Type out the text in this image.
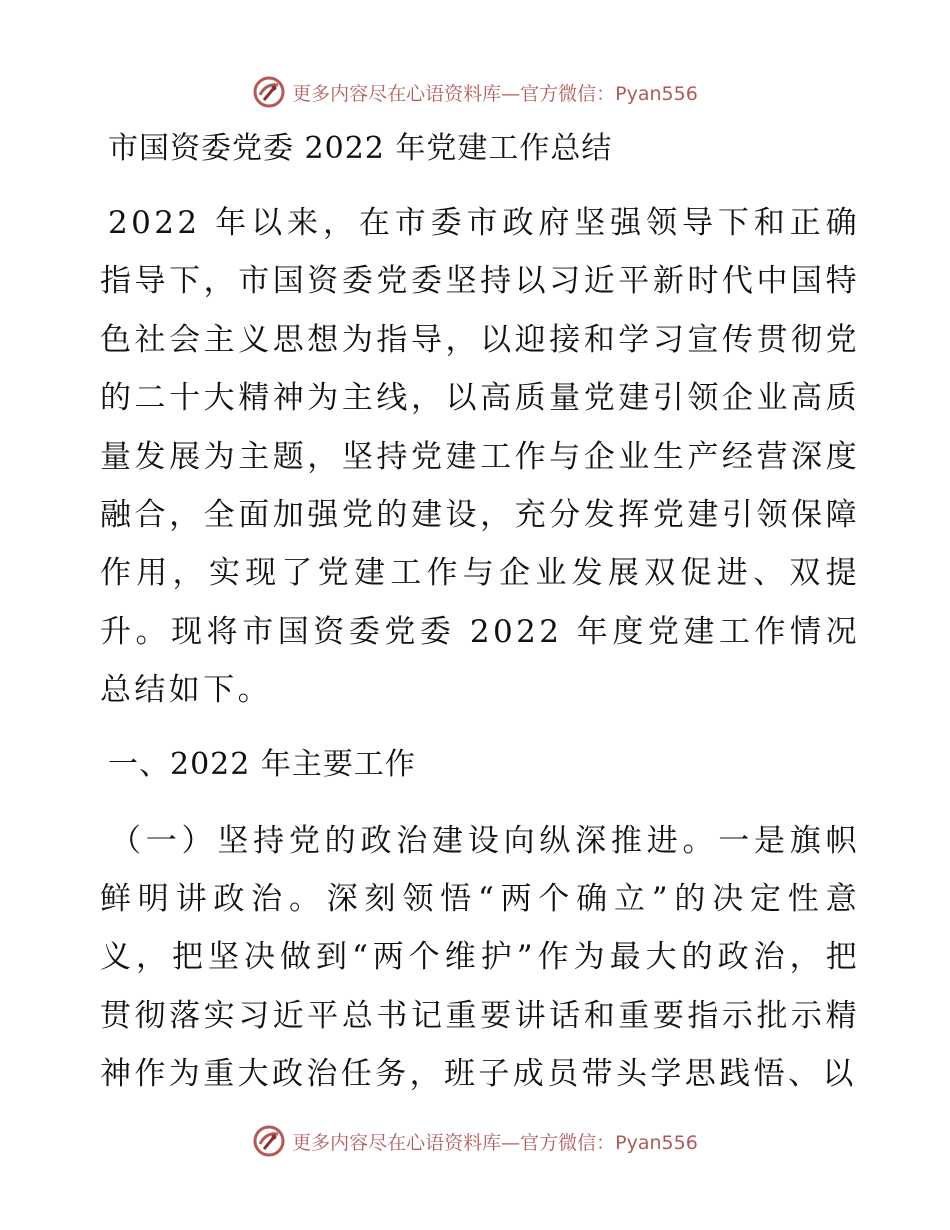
更多内容尽在心语资料库—官方微信：Pyan556

市国资委党委 2022 年党建工作总结

2022 年以来，在市委市政府坚强领导下和正确指导下，市国资委党委坚持以习近平新时代中国特色社会主义思想为指导，以迎接和学习宣传贯彻党的二十大精神为主线，以高质量党建引领企业高质量发展为主题，坚持党建工作与企业生产经营深度融合，全面加强党的建设，充分发挥党建引领保障作用，实现了党建工作与企业发展双促进、双提升。现将市国资委党委 2022 年度党建工作情况总结如下。

一、2022 年主要工作

（一）坚持党的政治建设向纵深推进。一是旗帜鲜明讲政治。深刻领悟“两个确立”的决定性意义，把坚决做到“两个维护”作为最大的政治，把贯彻落实习近平总书记重要讲话和重要指示批示精神作为重大政治任务，班子成员带头学思践悟、以

更多内容尽在心语资料库—官方微信：Pyan556
